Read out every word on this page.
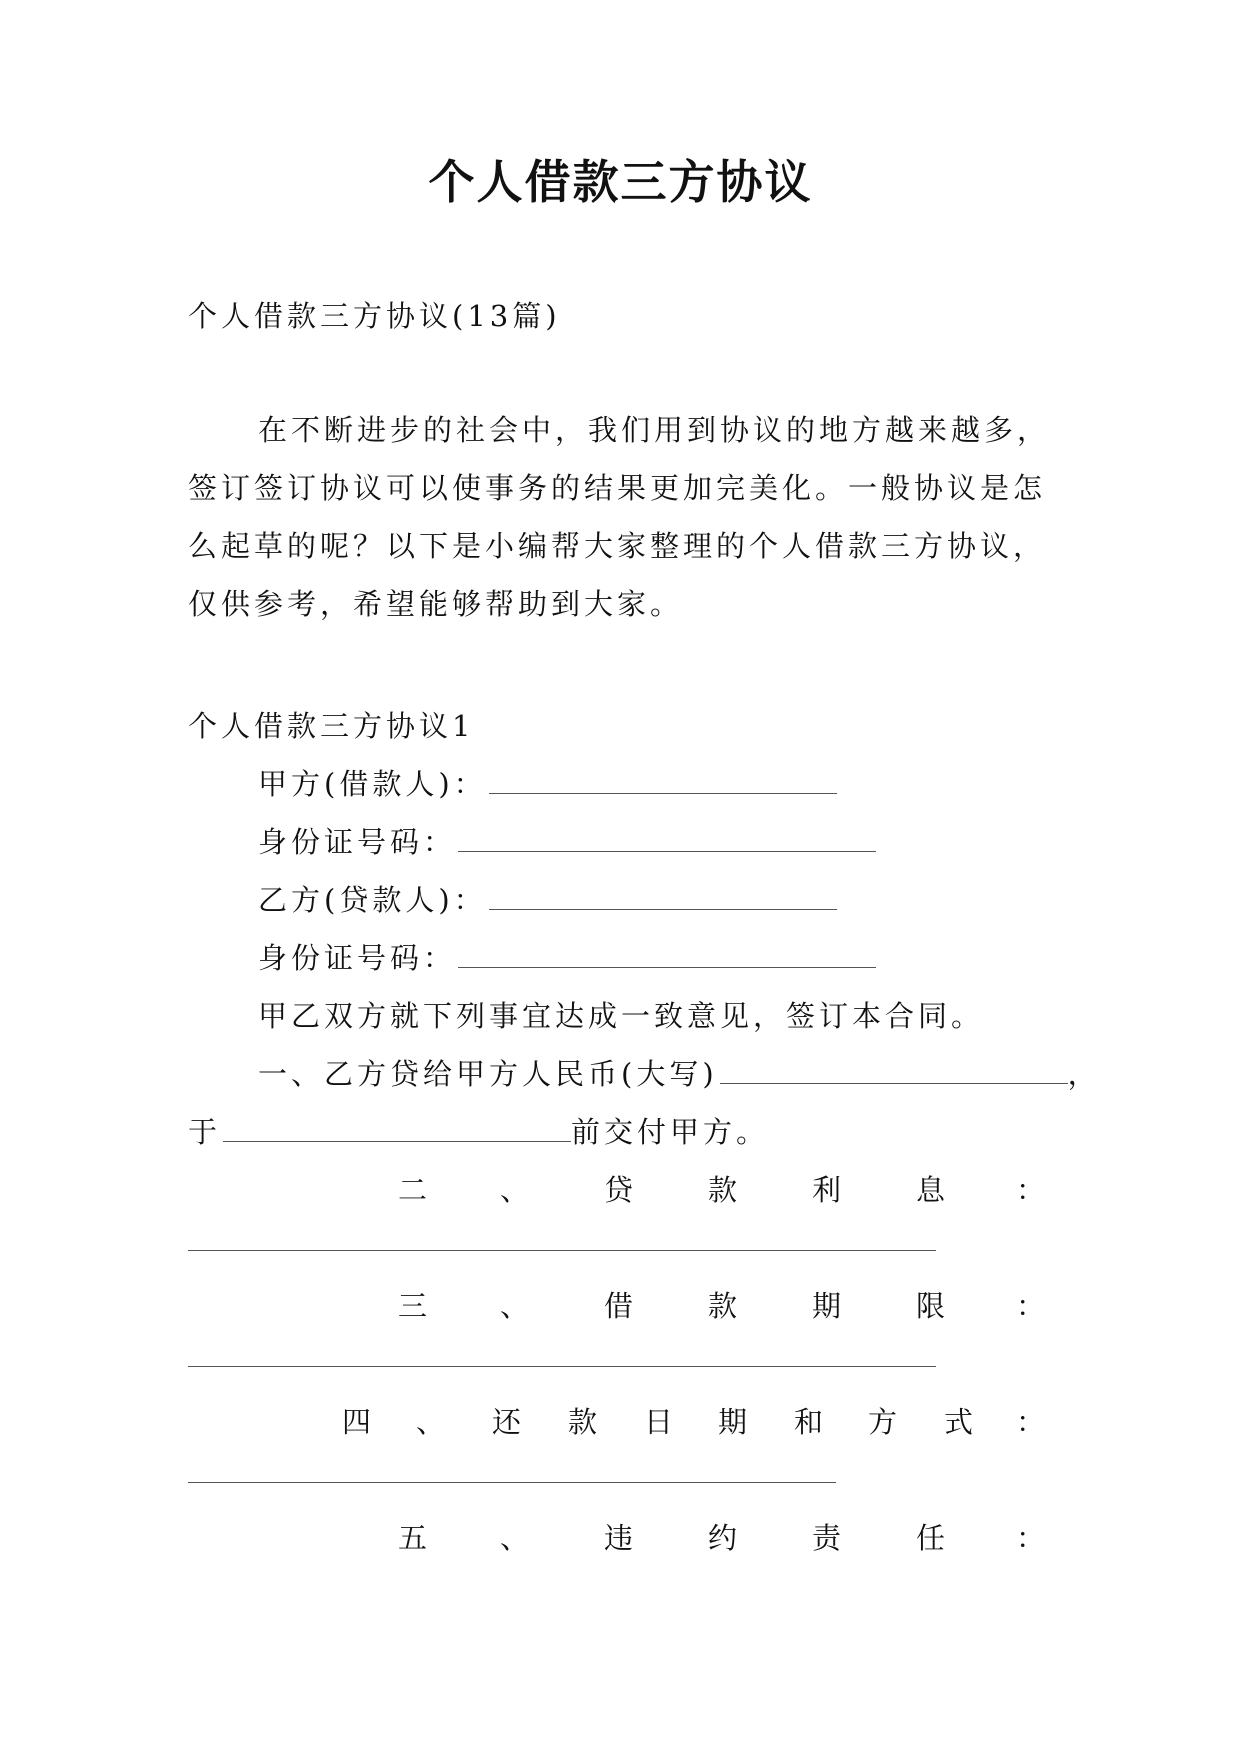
个人借款三方协议
个人借款三方协议(13篇)
在不断进步的社会中，我们用到协议的地方越来越多，
签订签订协议可以使事务的结果更加完美化。一般协议是怎
么起草的呢？以下是小编帮大家整理的个人借款三方协议，
仅供参考，希望能够帮助到大家。
个人借款三方协议1
甲方(借款人)：
身份证号码：
乙方(贷款人)：
身份证号码：
甲乙双方就下列事宜达成一致意见，签订本合同。
一、乙方贷给甲方人民币(大写)	，
于	前交付甲方。
二	、	贷	款	利	息 ：
三	、	借	款	期	限 ：
四 、 还 款 日 期 和 方 式 ：
五	、	违	约	责	任 ：
